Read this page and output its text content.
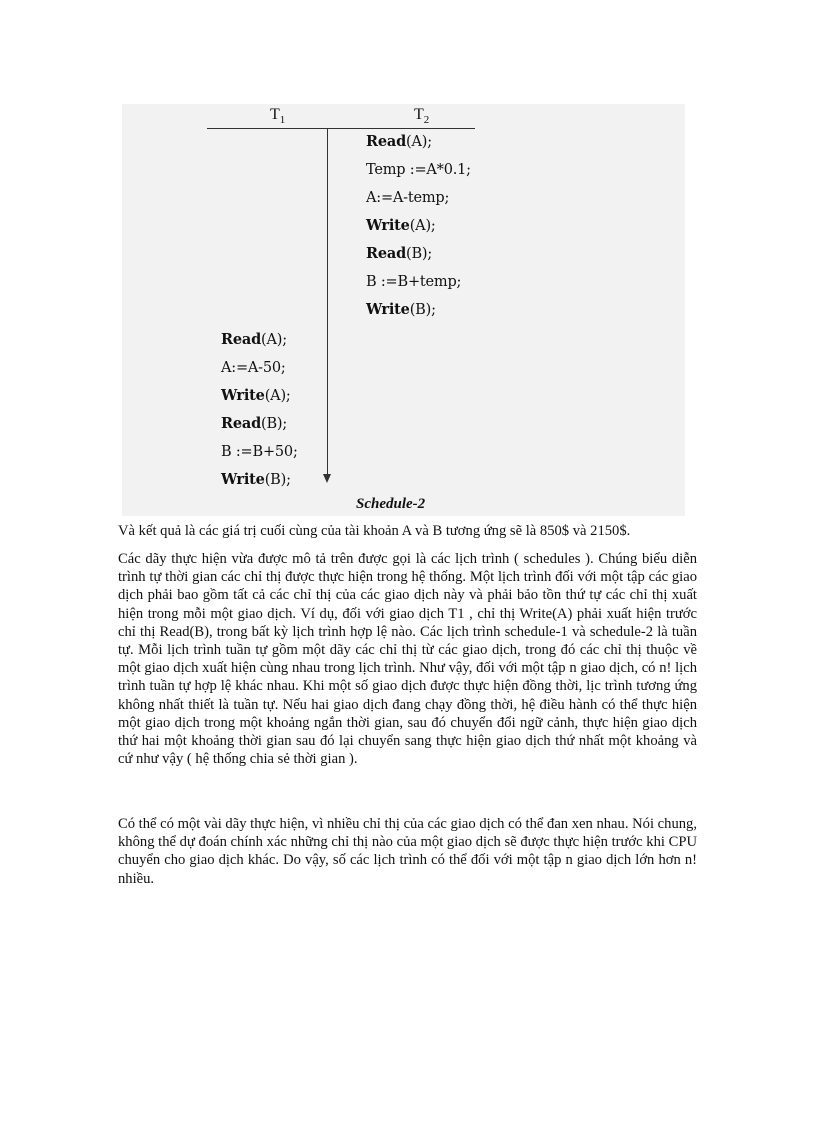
$T_1$	$T_2$
Read(A);
Temp :=A*0.1;
A:=A-temp;
Write(A);
Read(B);
B :=B+temp;
Write(B);
Read(A);
A:=A-50;
Write(A);
Read(B);
B :=B+50;
Write(B);
Schedule-2

Và kết quả là các giá trị cuối cùng của tài khoản A và B tương ứng sẽ là 850$ và 2150$.

Các dãy thực hiện vừa được mô tả trên được gọi là các lịch trình ( schedules ). Chúng biểu diễn trình tự thời gian các chỉ thị được thực hiện trong hệ thống. Một lịch trình đối với một tập các giao dịch phải bao gồm tất cả các chỉ thị của các giao dịch này và phải bảo tồn thứ tự các chỉ thị xuất hiện trong mỗi một giao dịch. Ví dụ, đối với giao dịch T1 , chỉ thị Write(A) phải xuất hiện trước chỉ thị Read(B), trong bất kỳ lịch trình hợp lệ nào. Các lịch trình schedule-1 và schedule-2 là tuần tự. Mỗi lịch trình tuần tự gồm một dãy các chỉ thị từ các giao dịch, trong đó các chỉ thị thuộc về một giao dịch xuất hiện cùng nhau trong lịch trình. Như vậy, đối với một tập n giao dịch, có n! lịch trình tuần tự hợp lệ khác nhau. Khi một số giao dịch được thực hiện đồng thời, lịc trình tương ứng không nhất thiết là tuần tự. Nếu hai giao dịch đang chạy đồng thời, hệ điều hành có thể thực hiện một giao dịch trong một khoảng ngắn thời gian, sau đó chuyển đổi ngữ cảnh, thực hiện giao dịch thứ hai một khoảng thời gian sau đó lại chuyển sang thực hiện giao dịch thứ nhất một khoảng và cứ như vậy ( hệ thống chia sẻ thời gian ).

Có thể có một vài dãy thực hiện, vì nhiều chỉ thị của các giao dịch có thể đan xen nhau. Nói chung, không thể dự đoán chính xác những chỉ thị nào của một giao dịch sẽ được thực hiện trước khi CPU chuyển cho giao dịch khác. Do vậy, số các lịch trình có thể đối với một tập n giao dịch lớn hơn n! nhiều.
